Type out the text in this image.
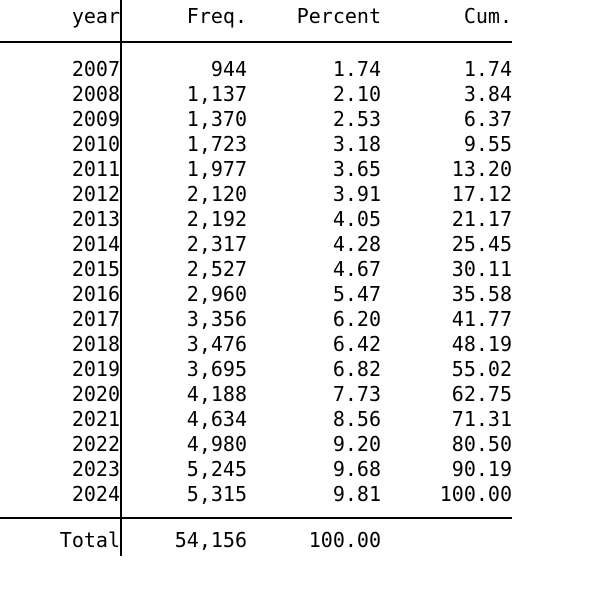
year	Freq.	Percent	Cum.

2007	944	1.74	1.74
2008	1,137	2.10	3.84
2009	1,370	2.53	6.37
2010	1,723	3.18	9.55
2011	1,977	3.65	13.20
2012	2,120	3.91	17.12
2013	2,192	4.05	21.17
2014	2,317	4.28	25.45
2015	2,527	4.67	30.11
2016	2,960	5.47	35.58
2017	3,356	6.20	41.77
2018	3,476	6.42	48.19
2019	3,695	6.82	55.02
2020	4,188	7.73	62.75
2021	4,634	8.56	71.31
2022	4,980	9.20	80.50
2023	5,245	9.68	90.19
2024	5,315	9.81	100.00

Total	54,156	100.00	
